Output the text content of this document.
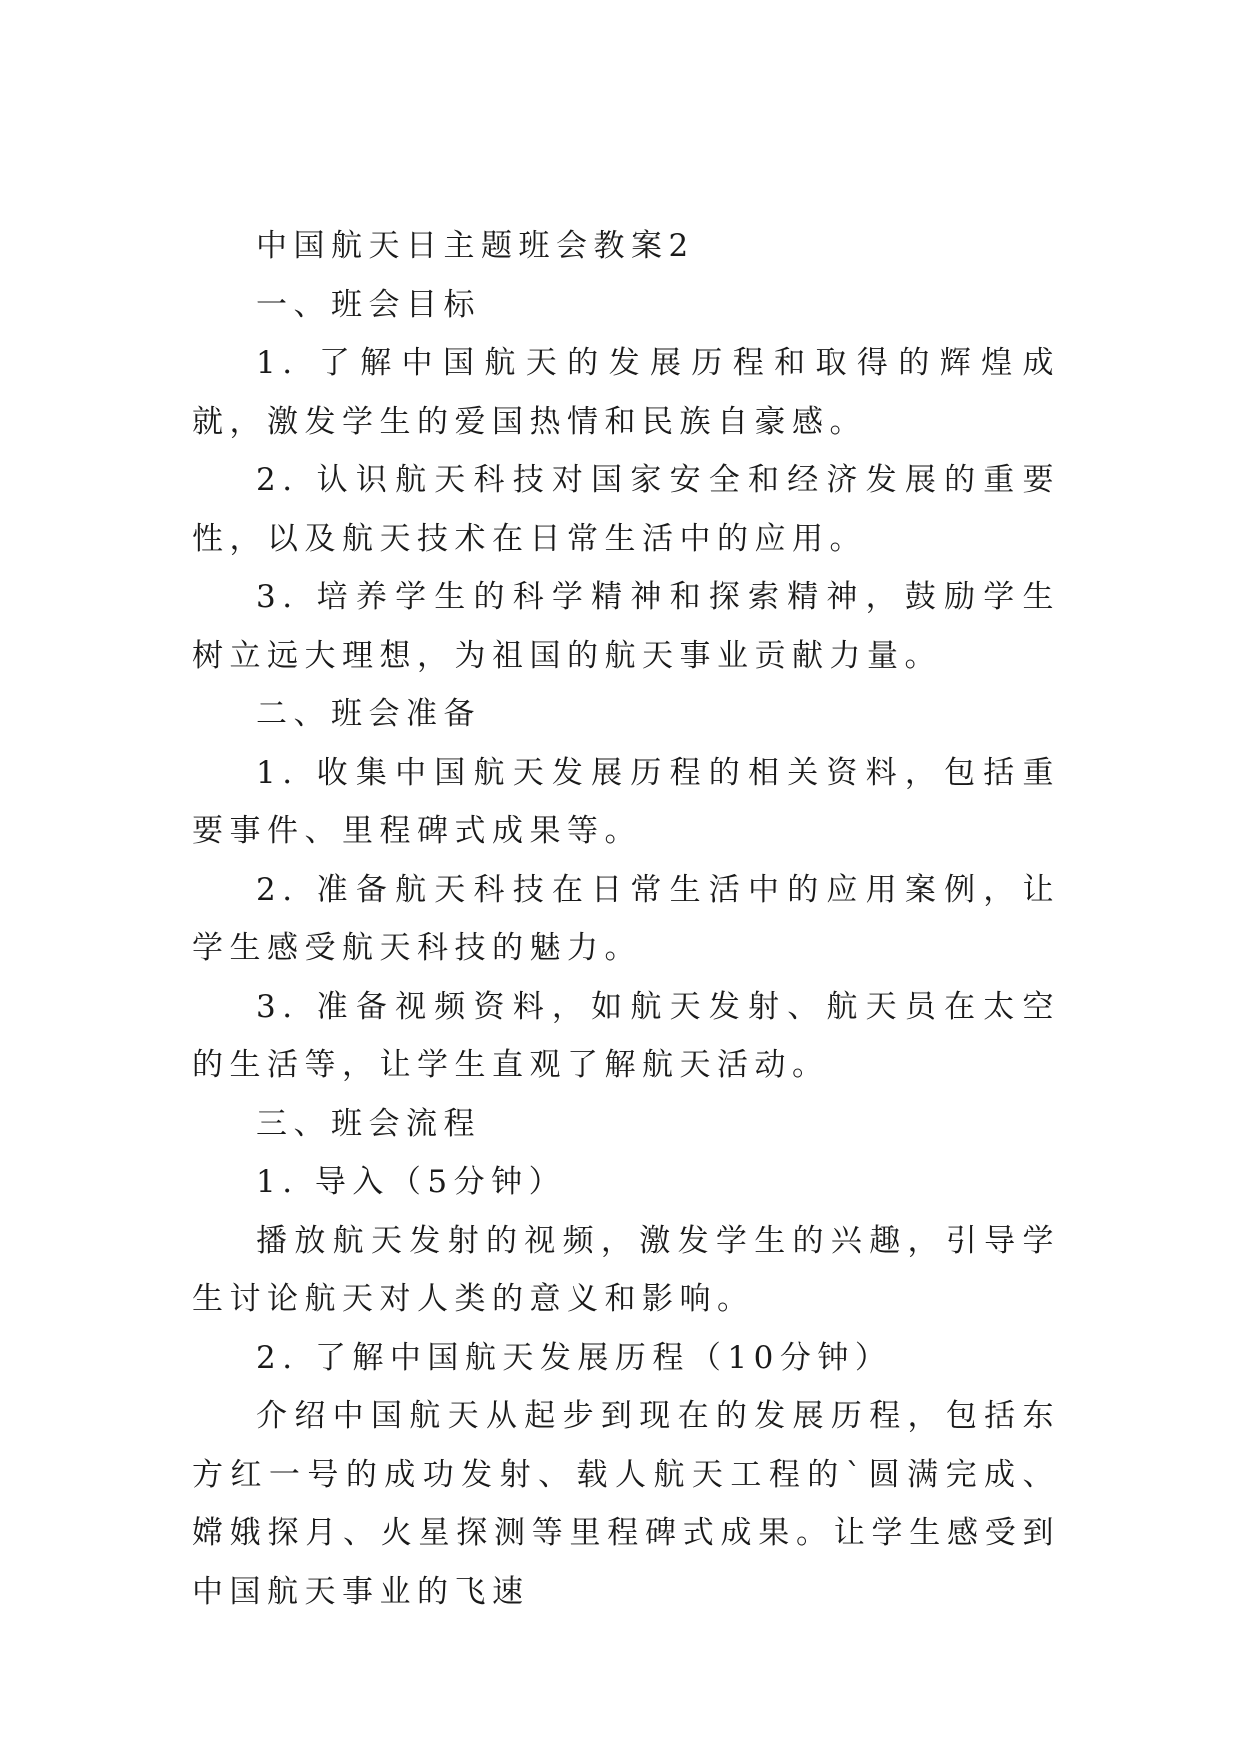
中国航天日主题班会教案2

一、班会目标

1. 了解中国航天的发展历程和取得的辉煌成就，激发学生的爱国热情和民族自豪感。

2. 认识航天科技对国家安全和经济发展的重要性，以及航天技术在日常生活中的应用。

3. 培养学生的科学精神和探索精神，鼓励学生树立远大理想，为祖国的航天事业贡献力量。

二、班会准备

1. 收集中国航天发展历程的相关资料，包括重要事件、里程碑式成果等。

2. 准备航天科技在日常生活中的应用案例，让学生感受航天科技的魅力。

3. 准备视频资料，如航天发射、航天员在太空的生活等，让学生直观了解航天活动。

三、班会流程

1. 导入（5分钟）

播放航天发射的视频，激发学生的兴趣，引导学生讨论航天对人类的意义和影响。

2. 了解中国航天发展历程（10分钟）

介绍中国航天从起步到现在的发展历程，包括东方红一号的成功发射、载人航天工程的`圆满完成、嫦娥探月、火星探测等里程碑式成果。让学生感受到中国航天事业的飞速
